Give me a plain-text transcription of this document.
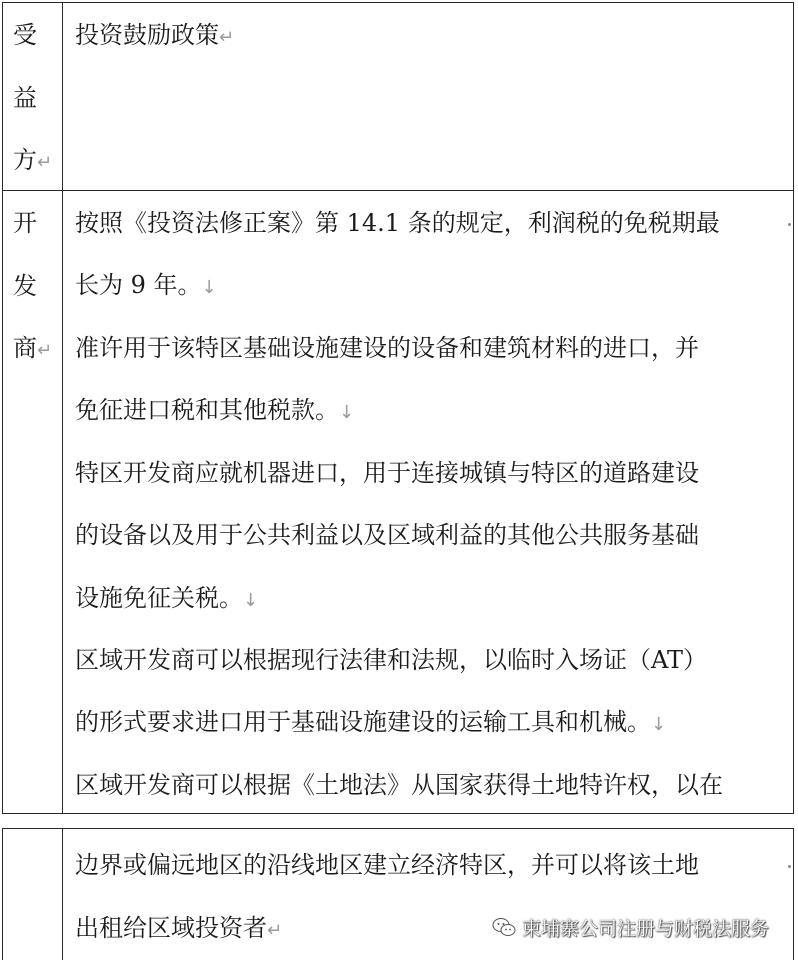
受
益
方↵
投资鼓励政策↵
开
发
商↵
按照《投资法修正案》第 14.1 条的规定，利润税的免税期最
长为 9 年。↓
准许用于该特区基础设施建设的设备和建筑材料的进口，并
免征进口税和其他税款。↓
特区开发商应就机器进口，用于连接城镇与特区的道路建设
的设备以及用于公共利益以及区域利益的其他公共服务基础
设施免征关税。↓
区域开发商可以根据现行法律和法规，以临时入场证（AT）
的形式要求进口用于基础设施建设的运输工具和机械。↓
区域开发商可以根据《土地法》从国家获得土地特许权，以在
边界或偏远地区的沿线地区建立经济特区，并可以将该土地
出租给区域投资者↵	柬埔寨公司注册与财税法服务
